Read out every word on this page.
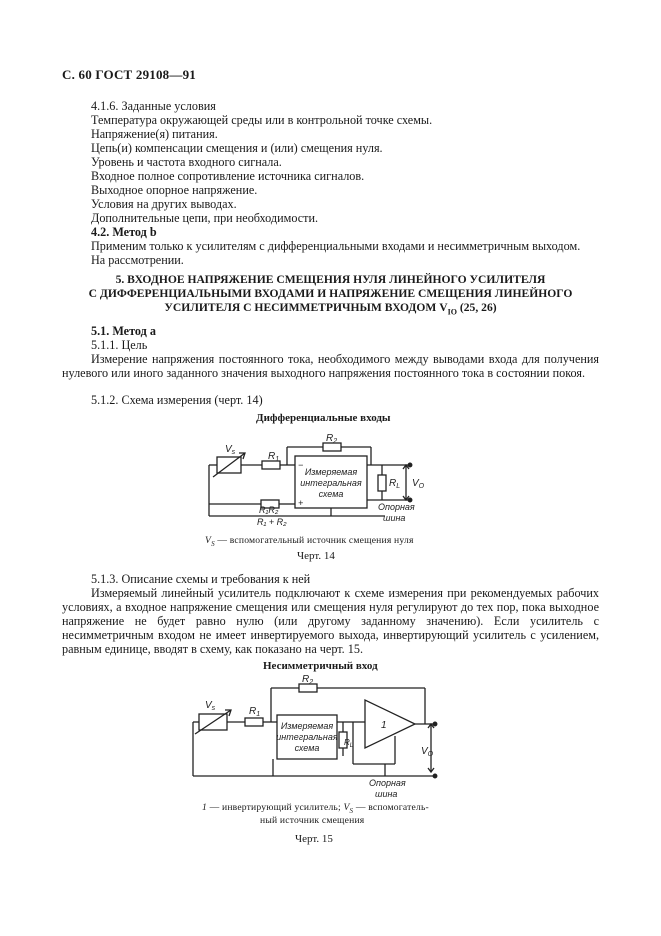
С. 60 ГОСТ 29108—91
4.1.6. Заданные условия
Температура окружающей среды или в контрольной точке схемы.
Напряжение(я) питания.
Цепь(и) компенсации смещения и (или) смещения нуля.
Уровень и частота входного сигнала.
Входное полное сопротивление источника сигналов.
Выходное опорное напряжение.
Условия на других выводах.
Дополнительные цепи, при необходимости.
4.2. Метод b
Применим только к усилителям с дифференциальными входами и несимметричным выходом.
На рассмотрении.
5. ВХОДНОЕ НАПРЯЖЕНИЕ СМЕЩЕНИЯ НУЛЯ ЛИНЕЙНОГО УСИЛИТЕЛЯ
С ДИФФЕРЕНЦИАЛЬНЫМИ ВХОДАМИ И НАПРЯЖЕНИЕ СМЕЩЕНИЯ ЛИНЕЙНОГО
УСИЛИТЕЛЯ С НЕСИММЕТРИЧНЫМ ВХОДОМ $V_{IO}$ (25, 26)
5.1. Метод a
5.1.1. Цель
Измерение напряжения постоянного тока, необходимого между выводами входа для получения нулевого или иного заданного значения выходного напряжения постоянного тока в состоянии покоя.
5.1.2. Схема измерения (черт. 14)
Дифференциальные входы
$V_s$	$R_1$
$R_2$
$R_L$ $V_O$
−
+
Измеряемая
интегральная
схема
R₁R₂
R₁ + R₂
Опорная
шина
$V_S$ — вспомогательный источник смещения нуля
Черт. 14
5.1.3. Описание схемы и требования к ней
Измеряемый линейный усилитель подключают к схеме измерения при рекомендуемых рабочих условиях, а входное напряжение смещения или смещения нуля регулируют до тех пор, пока выходное напряжение не будет равно нулю (или другому заданному значению). Если усилитель с несимметричным входом не имеет инвертируемого выхода, инвертирующий усилитель с усилением, равным единице, вводят в схему, как показано на черт. 15.
Несимметричный вход
$V_s$	$R_1$
$R_2$
$R_L$	$V_O$
Измеряемая
интегральная
схема
1
Опорная
шина
1 — инвертирующий усилитель; $V_S$ — вспомогатель-
ный источник смещения
Черт. 15
